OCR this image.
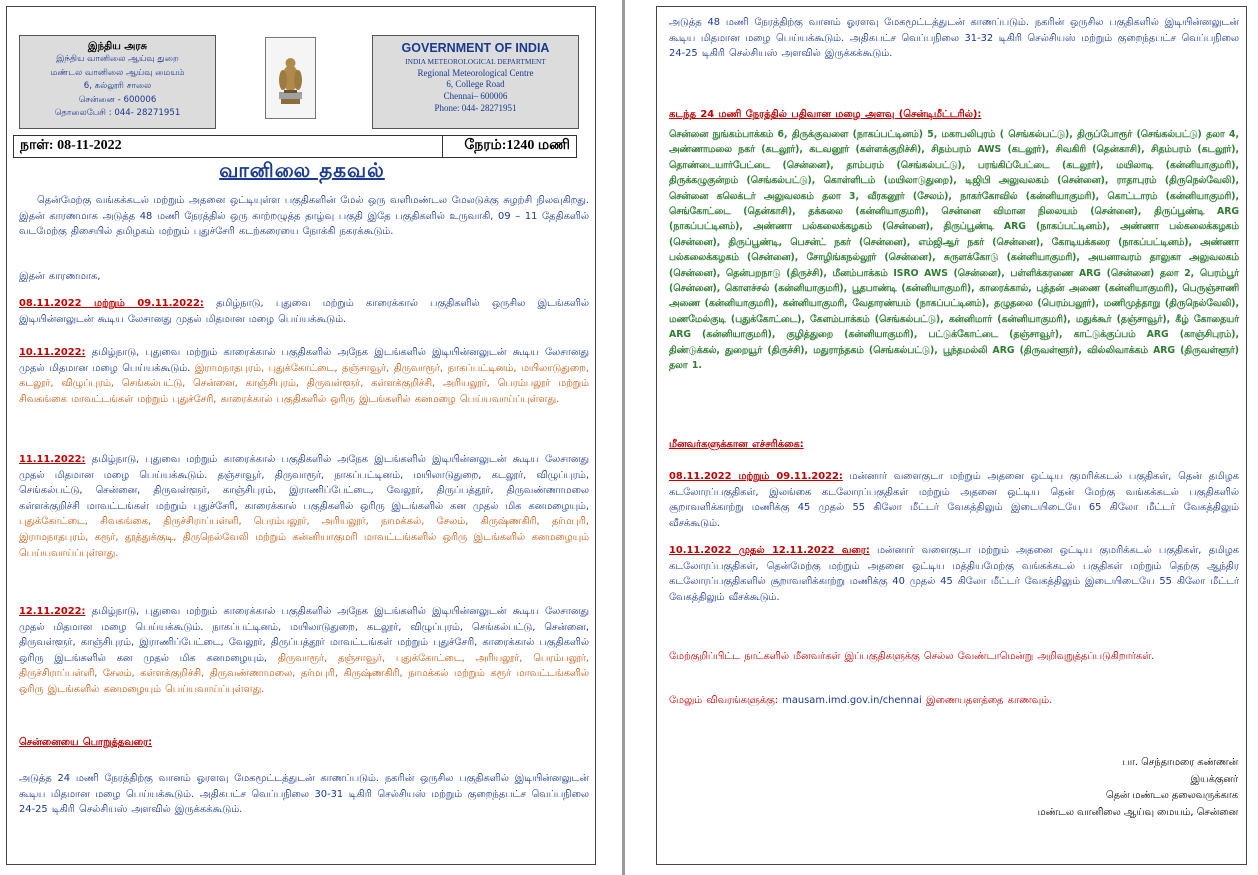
இந்திய அரசு
இந்திய வானிலை ஆய்வு துறை
மண்டல வானிலை ஆய்வு மையம்
6, கல்லூரி சாலை
சென்னை - 600006
தொலைபேசி : 044- 28271951
GOVERNMENT OF INDIA
INDIA METEOROLOGICAL DEPARTMENT
Regional Meteorological Centre
6, College Road
Chennai– 600006
Phone: 044- 28271951
நாள்: 08-11-2022	நேரம்:1240 மணி
வானிலை தகவல்
தென்மேற்கு வங்கக்கடல் மற்றும் அதனை ஒட்டியுள்ள பகுதிகளின் மேல் ஒரு வளிமண்டல மேலடுக்கு சுழற்சி நிலவுகிறது. இதன் காரணமாக அடுத்த 48 மணி நேரத்தில் ஒரு காற்றழுத்த தாழ்வு பகுதி இதே பகுதிகளில் உருவாகி, 09 – 11 தேதிகளில் வடமேற்கு திசையில் தமிழகம் மற்றும் புதுச்சேரி கடற்கரையை நோக்கி நகரக்கூடும்.
இதன் காரணமாக,
08.11.2022 மற்றும் 09.11.2022: தமிழ்நாடு, புதுவை மற்றும் காரைக்கால் பகுதிகளில் ஒருசில இடங்களில் இடியின்னலுடன் கூடிய லேசானது முதல் மிதமான மழை பெய்யக்கூடும்.
10.11.2022: தமிழ்நாடு, புதுவை மற்றும் காரைக்கால் பகுதிகளில் அநேக இடங்களில் இடியின்னலுடன் கூடிய லேசானது முதல் மிதமான மழை பெய்யக்கூடும். இராமநாதபுரம், புதுக்கோட்டை, தஞ்சாவூர், திருவாரூர், நாகப்பட்டினம், மயிலாடுதுறை, கடலூர், விழுப்புரம், செங்கல்பட்டு, சென்னை, காஞ்சிபுரம், திருவள்ளூர், கள்ளக்குறிச்சி, அரியலூர், பெரம்பலூர் மற்றும் சிவகங்கை மாவட்டங்கள் மற்றும் புதுச்சேரி, காரைக்கால் பகுதிகளில் ஒரிரு இடங்களில் கனமழை பெய்யவாய்ப்புள்ளது.
11.11.2022: தமிழ்நாடு, புதுவை மற்றும் காரைக்கால் பகுதிகளில் அநேக இடங்களில் இடியின்னலுடன் கூடிய லேசானது முதல் மிதமான மழை பெய்யக்கூடும். தஞ்சாவூர், திருவாரூர், நாகப்பட்டினம், மயிலாடுதுறை, கடலூர், விழுப்புரம், செங்கல்பட்டு, சென்னை, திருவள்ளூர், காஞ்சிபுரம், இராணிப்பேட்டை, வேலூர், திருப்பத்தூர், திருவண்ணாமலை கள்ளக்குறிச்சி மாவட்டங்கள் மற்றும் புதுச்சேரி, காரைக்கால் பகுதிகளில் ஒரிரு இடங்களில் கன முதல் மிக கனமழையும், புதுக்கோட்டை, சிவகங்கை, திருச்சிராப்பள்ளி, பெரம்பலூர், அரியலூர், நாமக்கல், சேலம், கிருஷ்ணகிரி, தர்மபுரி, இராமநாதபுரம், கரூர், தூத்துக்குடி, திருநெல்வேலி மற்றும் கன்னியாகுமரி மாவட்டங்களில் ஒரிரு இடங்களில் கனமழையும் பெய்யவாய்ப்புள்ளது.
12.11.2022: தமிழ்நாடு, புதுவை மற்றும் காரைக்கால் பகுதிகளில் அநேக இடங்களில் இடியின்னலுடன் கூடிய லேசானது முதல் மிதமான மழை பெய்யக்கூடும். நாகப்பட்டினம், மயிலாடுதுறை, கடலூர், விழுப்புரம், செங்கல்பட்டு, சென்னை, திருவள்ளூர், காஞ்சிபுரம், இராணிப்பேட்டை, வேலூர், திருப்பத்தூர் மாவட்டங்கள் மற்றும் புதுச்சேரி, காரைக்கால் பகுதிகளில் ஒரிரு இடங்களில் கன முதல் மிக கனமழையும், திருவாரூர், தஞ்சாவூர், புதுக்கோட்டை, அரியலூர், பெரம்பலூர், திருச்சிராப்பள்ளி, சேலம், கள்ளக்குறிச்சி, திருவண்ணாமலை, தர்மபுரி, கிருஷ்ணகிரி, நாமக்கல் மற்றும் கரூர் மாவட்டங்களில் ஒரிரு இடங்களில் கனமழையும் பெய்யவாய்ப்புள்ளது.
சென்னையை பொறுத்தவரை:
அடுத்த 24 மணி நேரத்திற்கு வானம் ஓரளவு மேகமூட்டத்துடன் காணப்படும். நகரின் ஒருசில பகுதிகளில் இடியின்னலுடன் கூடிய மிதமான மழை பெய்யக்கூடும். அதிகபட்ச வெப்பநிலை 30-31 டிகிரி செல்சியஸ் மற்றும் குறைந்தபட்ச வெப்பநிலை 24-25 டிகிரி செல்சியஸ் அளவில் இருக்கக்கூடும்.
அடுத்த 48 மணி நேரத்திற்கு வானம் ஓரளவு மேகமூட்டத்துடன் காணப்படும். நகரின் ஒருசில பகுதிகளில் இடியின்னலுடன் கூடிய மிதமான மழை பெய்யக்கூடும். அதிகபட்ச வெப்பநிலை 31-32 டிகிரி செல்சியஸ் மற்றும் குறைந்தபட்ச வெப்பநிலை 24-25 டிகிரி செல்சியஸ் அளவில் இருக்கக்கூடும்.
கடந்த 24 மணி நேரத்தில் பதிவான மழை அளவு (சென்டிமீட்டரில்):
சென்னை நுங்கம்பாக்கம் 6, திருக்குவளை (நாகப்பட்டினம்) 5, மகாபலிபுரம் ( செங்கல்பட்டு), திருப்போரூர் (செங்கல்பட்டு) தலா 4, அண்ணாமலை நகர் (கடலூர்), கடவனூர் (கள்ளக்குறிச்சி), சிதம்பரம் AWS (கடலூர்), சிவகிரி (தென்காசி), சிதம்பரம் (கடலூர்), தொண்டையார்பேட்டை (சென்னை), தாம்பரம் (செங்கல்பட்டு), பரங்கிப்பேட்டை (கடலூர்), மயிலாடி (கன்னியாகுமரி), திருக்கழுகுன்றம் (செங்கல்பட்டு), கொள்ளிடம் (மயிலாடுதுறை), டிஜிபி அலுவலகம் (சென்னை), ராதாபுரம் (திருநெல்வேலி), சென்னை கலெக்டர் அலுவலகம் தலா 3, வீரகனூர் (சேலம்), நாகர்கோவில் (கன்னியாகுமரி), கொட்டாரம் (கன்னியாகுமரி), செங்கோட்டை (தென்காசி), தக்கலை (கன்னியாகுமரி), சென்னை விமான நிலையம் (சென்னை), திருப்பூண்டி ARG (நாகப்பட்டினம்), அண்ணா பல்கலைக்கழகம் (சென்னை), திருப்பூண்டி ARG (நாகப்பட்டினம்), அண்ணா பல்கலைக்கழகம் (சென்னை), திருப்பூண்டி, பெசன்ட் நகர் (சென்னை), எம்ஜிஆர் நகர் (சென்னை), கோடியக்கரை (நாகப்பட்டினம்), அண்ணா பல்கலைக்கழகம் (சென்னை), சோழிங்கநல்லூர் (சென்னை), சுருளக்கோடு (கன்னியாகுமரி), அயனாவரம் தாலுகா அலுவலகம் (சென்னை), தென்பறநாடு (திருச்சி), மீனம்பாக்கம் ISRO AWS (சென்னை), பள்ளிக்கரணை ARG (சென்னை) தலா 2, பெரம்பூர் (சென்னை), கொளச்சல் (கன்னியாகுமரி), பூதபாண்டி (கன்னியாகுமரி), காரைக்கால், புத்தன் அணை (கன்னியாகுமரி), பெருஞ்சாணி அணை (கன்னியாகுமரி), கன்னியாகுமரி, வேதாரண்யம் (நாகப்பட்டினம்), தழுதலை (பெரம்பலூர்), மணிமுத்தாறு (திருநெல்வேலி), மணமேல்குடி (புதுக்கோட்டை), கேளம்பாக்கம் (செங்கல்பட்டு), கன்னிமார் (கன்னியாகுமரி), மதுக்கூர் (தஞ்சாவூர்), கீழ் கோதையர் ARG (கன்னியாகுமரி), குழித்துறை (கன்னியாகுமரி), பட்டுக்கோட்டை (தஞ்சாவூர்), காட்டுக்குப்பம் ARG (காஞ்சிபுரம்), திண்டுக்கல், துறையூர் (திருச்சி), மதுராந்தகம் (செங்கல்பட்டு), பூந்தமல்லி ARG (திருவள்ளூர்), வில்லிவாக்கம் ARG (திருவள்ளூர்) தலா 1.
மீனவர்களுக்கான எச்சரிக்கை:
08.11.2022 மற்றும் 09.11.2022: மன்னார் வளைகுடா மற்றும் அதனை ஒட்டிய குமரிக்கடல் பகுதிகள், தென் தமிழக கடலோரப்பகுதிகள், இலங்கை கடலோரப்பகுதிகள் மற்றும் அதனை ஒட்டிய தென் மேற்கு வங்கக்கடல் பகுதிகளில் சூறாவளிக்காற்று மணிக்கு 45 முதல் 55 கிலோ மீட்டர் வேகத்திலும் இடையிடையே 65 கிலோ மீட்டர் வேகத்திலும் வீசக்கூடும்.
10.11.2022 முதல் 12.11.2022 வரை: மன்னார் வளைகுடா மற்றும் அதனை ஒட்டிய குமரிக்கடல் பகுதிகள், தமிழக கடலோரப்பகுதிகள், தென்மேற்கு மற்றும் அதனை ஒட்டிய மத்தியமேற்கு வங்கக்கடல் பகுதிகள் மற்றும் தெற்கு ஆந்திர கடலோரப்பகுதிகளில் சூறாவளிக்காற்று மணிக்கு 40 முதல் 45 கிலோ மீட்டர் வேகத்திலும் இடையிடையே 55 கிலோ மீட்டர் வேகத்திலும் வீசக்கூடும்.
மேற்குறிப்பிட்ட நாட்களில் மீனவர்கள் இப்பகுதிகளுக்கு செல்ல வேண்டாமென்று அறிவுறுத்தப்படுகிறார்கள்.
மேலும் விவரங்களுக்கு: mausam.imd.gov.in/chennai இணையதளத்தை காணவும்.
பா. செந்தாமரை கண்ணன்
இயக்குனர்
தென் மண்டல தலைவருக்காக
மண்டல வானிலை ஆய்வு மையம், சென்னை
